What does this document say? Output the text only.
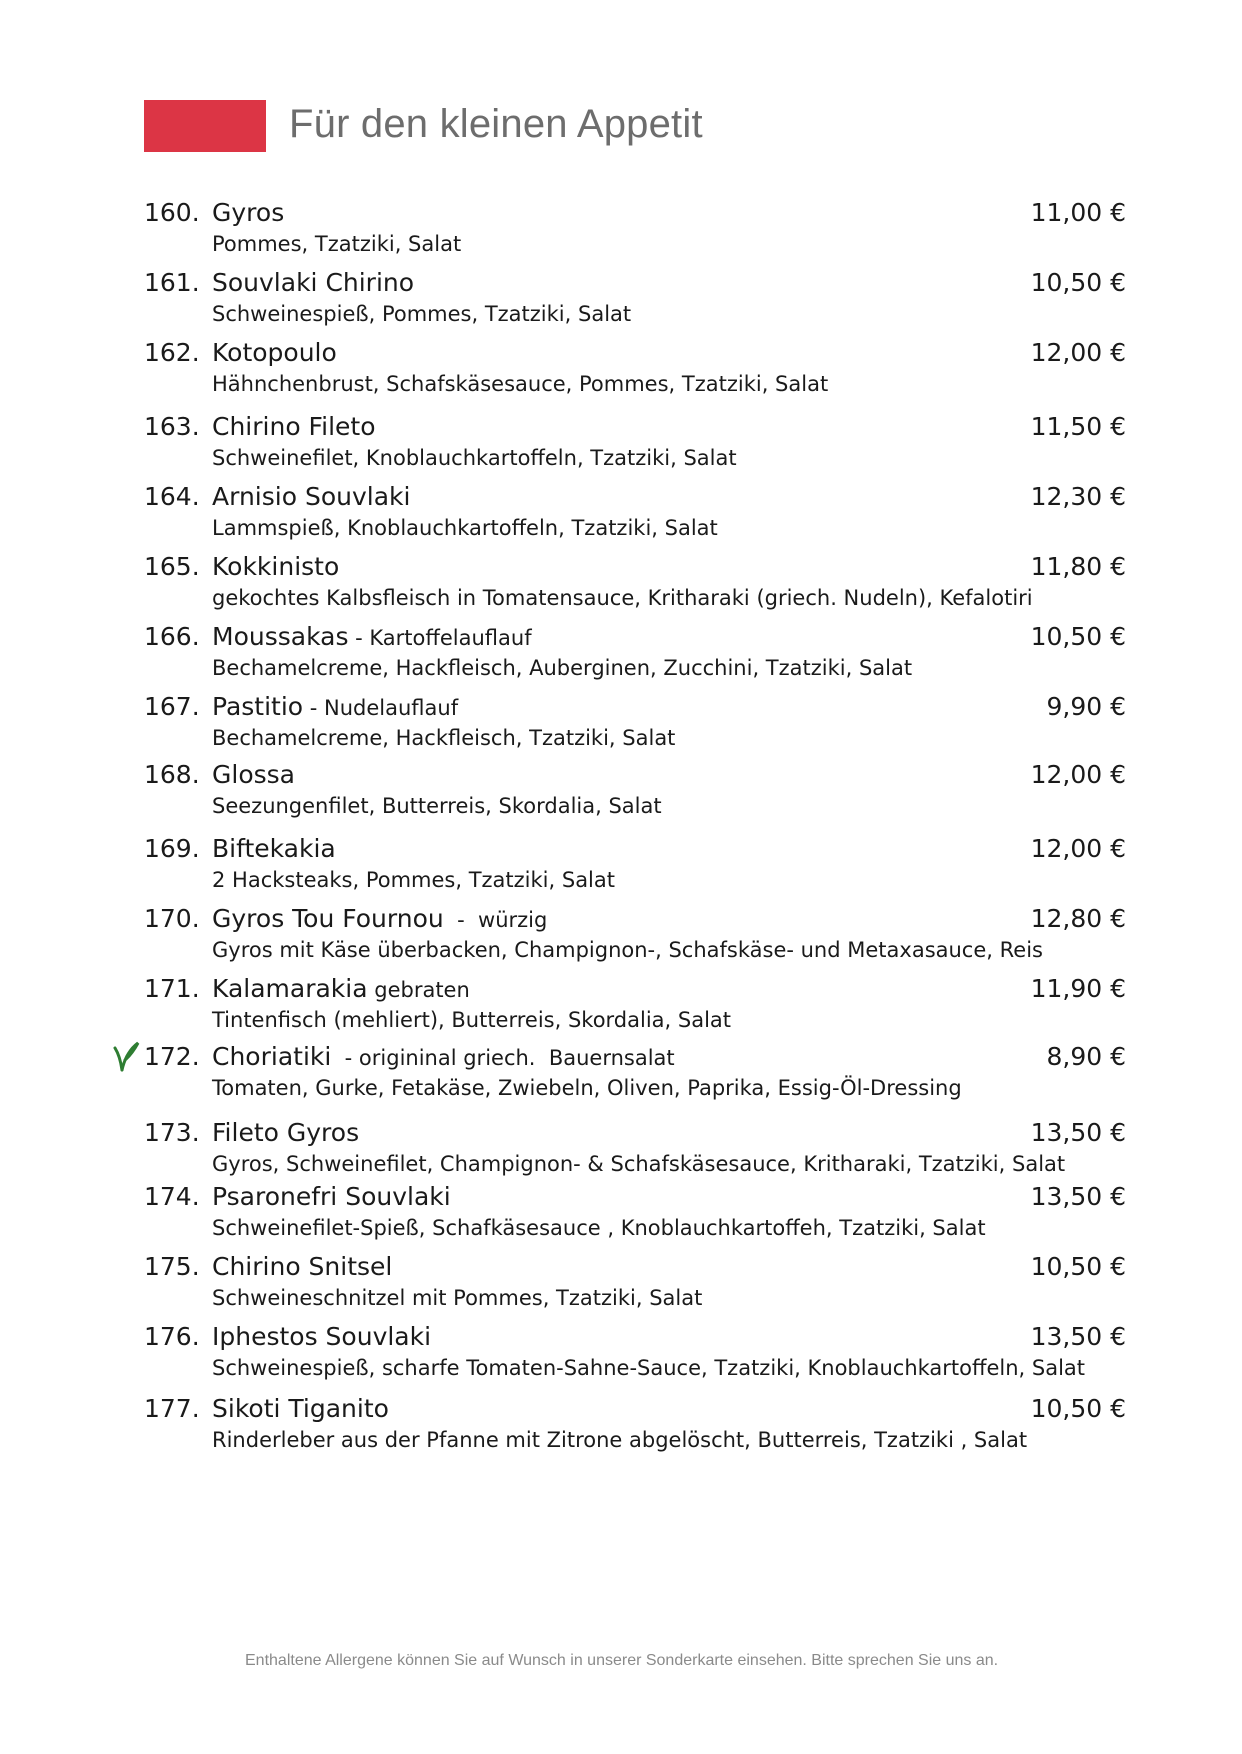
Für den kleinen Appetit
160. Gyros	11,00 €
Pommes, Tzatziki, Salat
161. Souvlaki Chirino	10,50 €
Schweinespieß, Pommes, Tzatziki, Salat
162. Kotopoulo	12,00 €
Hähnchenbrust, Schafskäsesauce, Pommes, Tzatziki, Salat
163. Chirino Fileto	11,50 €
Schweinefilet, Knoblauchkartoffeln, Tzatziki, Salat
164. Arnisio Souvlaki	12,30 €
Lammspieß, Knoblauchkartoffeln, Tzatziki, Salat
165. Kokkinisto	11,80 €
gekochtes Kalbsfleisch in Tomatensauce, Kritharaki (griech. Nudeln), Kefalotiri
166. Moussakas - Kartoffelauflauf	10,50 €
Bechamelcreme, Hackfleisch, Auberginen, Zucchini, Tzatziki, Salat
167. Pastitio - Nudelauflauf	9,90 €
Bechamelcreme, Hackfleisch, Tzatziki, Salat
168. Glossa	12,00 €
Seezungenfilet, Butterreis, Skordalia, Salat
169. Biftekakia	12,00 €
2 Hacksteaks, Pommes, Tzatziki, Salat
170. Gyros Tou Fournou  -  würzig	12,80 €
Gyros mit Käse überbacken, Champignon-, Schafskäse- und Metaxasauce, Reis
171. Kalamarakia gebraten	11,90 €
Tintenfisch (mehliert), Butterreis, Skordalia, Salat
172. Choriatiki  - origininal griech.  Bauernsalat	8,90 €
Tomaten, Gurke, Fetakäse, Zwiebeln, Oliven, Paprika, Essig-Öl-Dressing
173. Fileto Gyros	13,50 €
Gyros, Schweinefilet, Champignon- & Schafskäsesauce, Kritharaki, Tzatziki, Salat
174. Psaronefri Souvlaki	13,50 €
Schweinefilet-Spieß, Schafkäsesauce , Knoblauchkartoffeh, Tzatziki, Salat
175. Chirino Snitsel	10,50 €
Schweineschnitzel mit Pommes, Tzatziki, Salat
176. Iphestos Souvlaki	13,50 €
Schweinespieß, scharfe Tomaten-Sahne-Sauce, Tzatziki, Knoblauchkartoffeln, Salat
177. Sikoti Tiganito	10,50 €
Rinderleber aus der Pfanne mit Zitrone abgelöscht, Butterreis, Tzatziki , Salat
Enthaltene Allergene können Sie auf Wunsch in unserer Sonderkarte einsehen. Bitte sprechen Sie uns an.
